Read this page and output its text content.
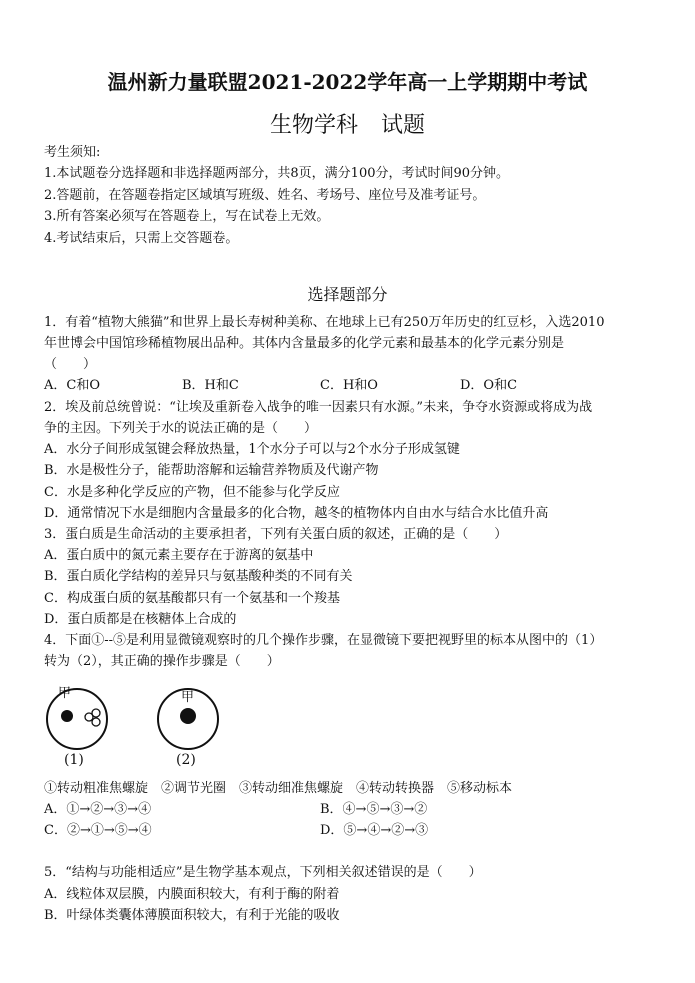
温州新力量联盟2021-2022学年高一上学期期中考试
生物学科 试题
考生须知:
1.本试题卷分选择题和非选择题两部分，共8页，满分100分，考试时间90分钟。
2.答题前，在答题卷指定区域填写班级、姓名、考场号、座位号及准考证号。
3.所有答案必须写在答题卷上，写在试卷上无效。
4.考试结束后，只需上交答题卷。
选择题部分
1．有着“植物大熊猫”和世界上最长寿树种美称、在地球上已有250万年历史的红豆杉，入选2010
年世博会中国馆珍稀植物展出品种。其体内含量最多的化学元素和最基本的化学元素分别是
（　　）
A．C和O	B．H和C	C．H和O	D．O和C
2．埃及前总统曾说：“让埃及重新卷入战争的唯一因素只有水源。”未来，争夺水资源或将成为战
争的主因。下列关于水的说法正确的是（　　）
A．水分子间形成氢键会释放热量，1个水分子可以与2个水分子形成氢键
B．水是极性分子，能帮助溶解和运输营养物质及代谢产物
C．水是多种化学反应的产物，但不能参与化学反应
D．通常情况下水是细胞内含量最多的化合物，越冬的植物体内自由水与结合水比值升高
3．蛋白质是生命活动的主要承担者，下列有关蛋白质的叙述，正确的是（　　）
A．蛋白质中的氮元素主要存在于游离的氨基中
B．蛋白质化学结构的差异只与氨基酸种类的不同有关
C．构成蛋白质的氨基酸都只有一个氨基和一个羧基
D．蛋白质都是在核糖体上合成的
4．下面①--⑤是利用显微镜观察时的几个操作步骤，在显微镜下要把视野里的标本从图中的（1）
转为（2），其正确的操作步骤是（　　）
甲	甲
(1)	(2)
①转动粗准焦螺旋　②调节光圈　③转动细准焦螺旋　④转动转换器　⑤移动标本
A．①→②→③→④	B．④→⑤→③→②
C．②→①→⑤→④	D．⑤→④→②→③
5．“结构与功能相适应”是生物学基本观点，下列相关叙述错误的是（　　）
A．线粒体双层膜，内膜面积较大，有利于酶的附着
B．叶绿体类囊体薄膜面积较大，有利于光能的吸收
